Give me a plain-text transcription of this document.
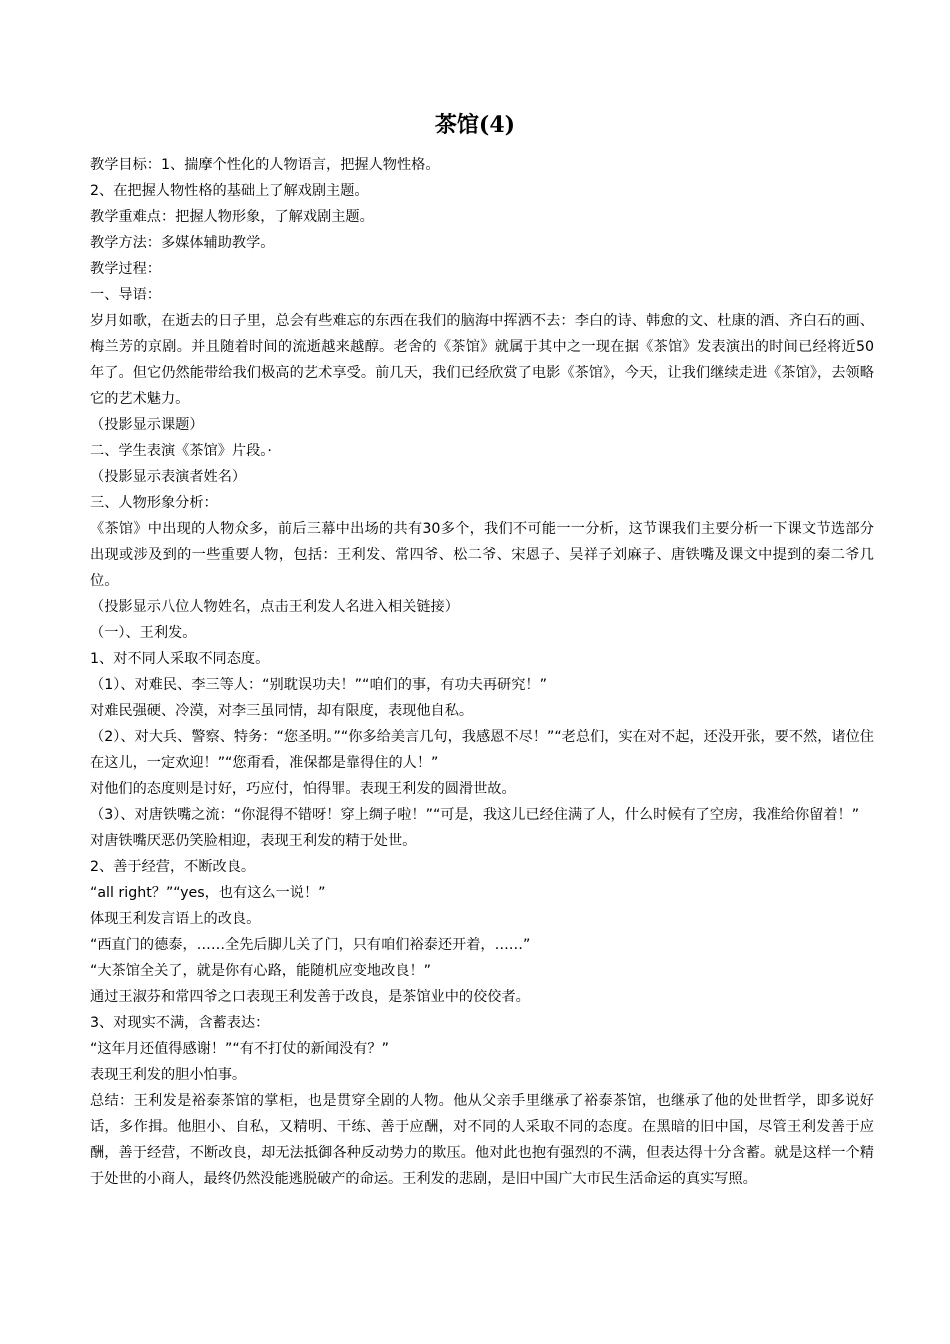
茶馆(4)

教学目标：1、揣摩个性化的人物语言，把握人物性格。

2、在把握人物性格的基础上了解戏剧主题。

教学重难点：把握人物形象，了解戏剧主题。

教学方法：多媒体辅助教学。

教学过程：

一、导语：

岁月如歌，在逝去的日子里，总会有些难忘的东西在我们的脑海中挥洒不去：李白的诗、韩愈的文、杜康的酒、齐白石的画、梅兰芳的京剧。并且随着时间的流逝越来越醇。老舍的《茶馆》就属于其中之一现在据《茶馆》发表演出的时间已经将近50年了。但它仍然能带给我们极高的艺术享受。前几天，我们已经欣赏了电影《茶馆》，今天，让我们继续走进《茶馆》，去领略它的艺术魅力。

（投影显示课题）

二、学生表演《茶馆》片段。·

（投影显示表演者姓名）

三、人物形象分析：

《茶馆》中出现的人物众多，前后三幕中出场的共有30多个，我们不可能一一分析，这节课我们主要分析一下课文节选部分出现或涉及到的一些重要人物，包括：王利发、常四爷、松二爷、宋恩子、吴祥子刘麻子、唐铁嘴及课文中提到的秦二爷几位。

（投影显示八位人物姓名，点击王利发人名进入相关链接）

（一）、王利发。

1、对不同人采取不同态度。

（1）、对难民、李三等人：“别耽误功夫！”“咱们的事，有功夫再研究！”

对难民强硬、冷漠，对李三虽同情，却有限度，表现他自私。

（2）、对大兵、警察、特务：“您圣明。”“你多给美言几句，我感恩不尽！”“老总们，实在对不起，还没开张，要不然，诸位住在这儿，一定欢迎！”“您甭看，准保都是靠得住的人！”

对他们的态度则是讨好，巧应付，怕得罪。表现王利发的圆滑世故。

（3）、对唐铁嘴之流：“你混得不错呀！穿上绸子啦！”“可是，我这儿已经住满了人，什么时候有了空房，我准给你留着！”

对唐铁嘴厌恶仍笑脸相迎，表现王利发的精于处世。

2、善于经营，不断改良。

“all right？”“yes，也有这么一说！”

体现王利发言语上的改良。

“西直门的德泰，……全先后脚儿关了门，只有咱们裕泰还开着，……”

“大茶馆全关了，就是你有心路，能随机应变地改良！”

通过王淑芬和常四爷之口表现王利发善于改良，是茶馆业中的佼佼者。

3、对现实不满，含蓄表达：

“这年月还值得感谢！”“有不打仗的新闻没有？”

表现王利发的胆小怕事。

总结：王利发是裕泰茶馆的掌柜，也是贯穿全剧的人物。他从父亲手里继承了裕泰茶馆，也继承了他的处世哲学，即多说好话，多作揖。他胆小、自私，又精明、干练、善于应酬，对不同的人采取不同的态度。在黑暗的旧中国，尽管王利发善于应酬，善于经营，不断改良，却无法抵御各种反动势力的欺压。他对此也抱有强烈的不满，但表达得十分含蓄。就是这样一个精于处世的小商人，最终仍然没能逃脱破产的命运。王利发的悲剧，是旧中国广大市民生活命运的真实写照。
